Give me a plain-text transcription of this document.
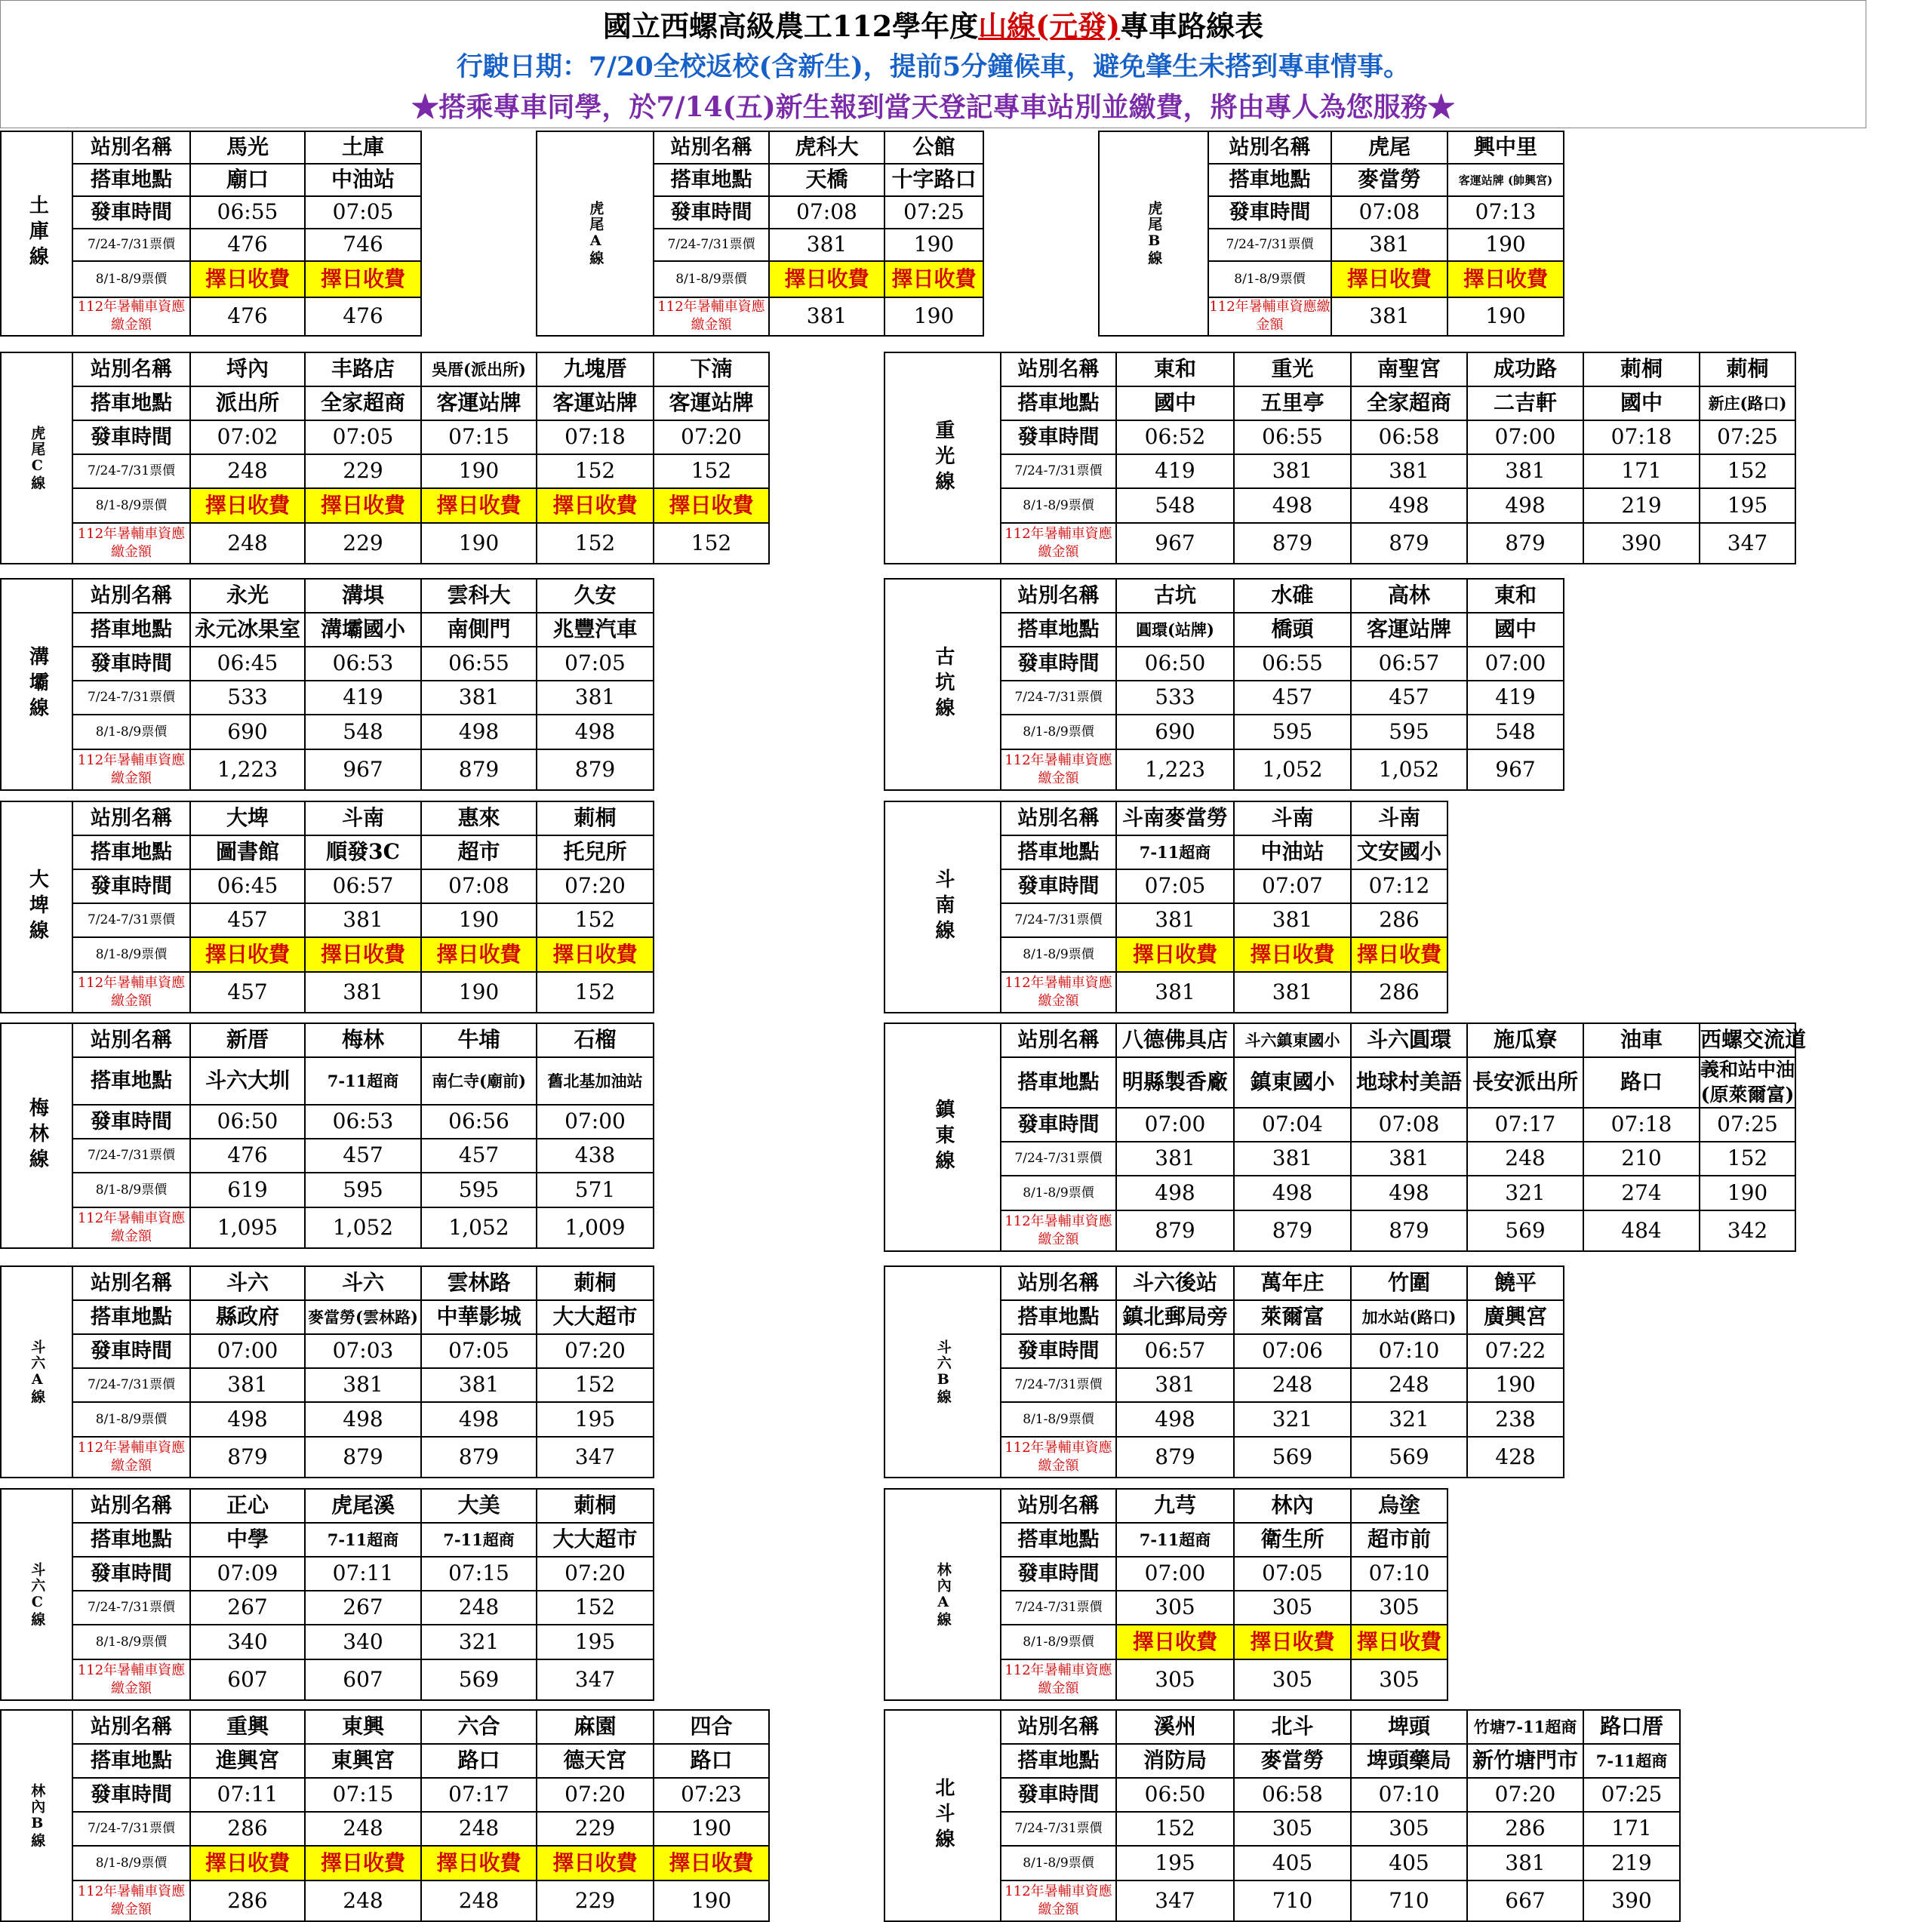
國立西螺高級農工112學年度山線(元發)專車路線表
行駛日期：7/20全校返校(含新生)，提前5分鐘候車，避免肇生未搭到專車情事。
★搭乘專車同學，於7/14(五)新生報到當天登記專車站別並繳費，將由專人為您服務★
土庫線	站別名稱	馬光	土庫
	搭車地點	廟口	中油站
	發車時間	06:55	07:05
	7/24-7/31票價	476	746
	8/1-8/9票價	擇日收費	擇日收費
	112年暑輔車資應繳金額	476	476
虎尾A線	站別名稱	虎科大	公館
	搭車地點	天橋	十字路口
	發車時間	07:08	07:25
	7/24-7/31票價	381	190
	8/1-8/9票價	擇日收費	擇日收費
	112年暑輔車資應繳金額	381	190
虎尾B線	站別名稱	虎尾	興中里
	搭車地點	麥當勞	客運站牌 (帥興宮)
	發車時間	07:08	07:13
	7/24-7/31票價	381	190
	8/1-8/9票價	擇日收費	擇日收費
	112年暑輔車資應繳金額	381	190
虎尾C線	站別名稱	埒內	丰路店	吳厝(派出所)	九塊厝	下湳
	搭車地點	派出所	全家超商	客運站牌	客運站牌	客運站牌
	發車時間	07:02	07:05	07:15	07:18	07:20
	7/24-7/31票價	248	229	190	152	152
	8/1-8/9票價	擇日收費	擇日收費	擇日收費	擇日收費	擇日收費
	112年暑輔車資應繳金額	248	229	190	152	152
重光線	站別名稱	東和	重光	南聖宮	成功路	莿桐	莿桐
	搭車地點	國中	五里亭	全家超商	二吉軒	國中	新庄(路口)
	發車時間	06:52	06:55	06:58	07:00	07:18	07:25
	7/24-7/31票價	419	381	381	381	171	152
	8/1-8/9票價	548	498	498	498	219	195
	112年暑輔車資應繳金額	967	879	879	879	390	347
溝壩線	站別名稱	永光	溝埧	雲科大	久安
	搭車地點	永元冰果室	溝壩國小	南側門	兆豐汽車
	發車時間	06:45	06:53	06:55	07:05
	7/24-7/31票價	533	419	381	381
	8/1-8/9票價	690	548	498	498
	112年暑輔車資應繳金額	1,223	967	879	879
古坑線	站別名稱	古坑	水碓	高林	東和
	搭車地點	圓環(站牌)	橋頭	客運站牌	國中
	發車時間	06:50	06:55	06:57	07:00
	7/24-7/31票價	533	457	457	419
	8/1-8/9票價	690	595	595	548
	112年暑輔車資應繳金額	1,223	1,052	1,052	967
大埤線	站別名稱	大埤	斗南	惠來	莿桐
	搭車地點	圖書館	順發3C	超市	托兒所
	發車時間	06:45	06:57	07:08	07:20
	7/24-7/31票價	457	381	190	152
	8/1-8/9票價	擇日收費	擇日收費	擇日收費	擇日收費
	112年暑輔車資應繳金額	457	381	190	152
斗南線	站別名稱	斗南麥當勞	斗南	斗南
	搭車地點	7-11超商	中油站	文安國小
	發車時間	07:05	07:07	07:12
	7/24-7/31票價	381	381	286
	8/1-8/9票價	擇日收費	擇日收費	擇日收費
	112年暑輔車資應繳金額	381	381	286
梅林線	站別名稱	新厝	梅林	牛埔	石榴
	搭車地點	斗六大圳	7-11超商	南仁寺(廟前)	舊北基加油站
	發車時間	06:50	06:53	06:56	07:00
	7/24-7/31票價	476	457	457	438
	8/1-8/9票價	619	595	595	571
	112年暑輔車資應繳金額	1,095	1,052	1,052	1,009
鎮東線	站別名稱	八德佛具店	斗六鎮東國小	斗六圓環	施瓜寮	油車	西螺交流道
	搭車地點	明縣製香廠	鎮東國小	地球村美語	長安派出所	路口	義和站中油 (原萊爾富)
	發車時間	07:00	07:04	07:08	07:17	07:18	07:25
	7/24-7/31票價	381	381	381	248	210	152
	8/1-8/9票價	498	498	498	321	274	190
	112年暑輔車資應繳金額	879	879	879	569	484	342
斗六A線	站別名稱	斗六	斗六	雲林路	莿桐
	搭車地點	縣政府	麥當勞(雲林路)	中華影城	大大超市
	發車時間	07:00	07:03	07:05	07:20
	7/24-7/31票價	381	381	381	152
	8/1-8/9票價	498	498	498	195
	112年暑輔車資應繳金額	879	879	879	347
斗六B線	站別名稱	斗六後站	萬年庄	竹圍	饒平
	搭車地點	鎮北郵局旁	萊爾富	加水站(路口)	廣興宮
	發車時間	06:57	07:06	07:10	07:22
	7/24-7/31票價	381	248	248	190
	8/1-8/9票價	498	321	321	238
	112年暑輔車資應繳金額	879	569	569	428
斗六C線	站別名稱	正心	虎尾溪	大美	莿桐
	搭車地點	中學	7-11超商	7-11超商	大大超市
	發車時間	07:09	07:11	07:15	07:20
	7/24-7/31票價	267	267	248	152
	8/1-8/9票價	340	340	321	195
	112年暑輔車資應繳金額	607	607	569	347
林內A線	站別名稱	九芎	林內	烏塗
	搭車地點	7-11超商	衛生所	超市前
	發車時間	07:00	07:05	07:10
	7/24-7/31票價	305	305	305
	8/1-8/9票價	擇日收費	擇日收費	擇日收費
	112年暑輔車資應繳金額	305	305	305
林內B線	站別名稱	重興	東興	六合	麻園	四合
	搭車地點	進興宮	東興宮	路口	德天宮	路口
	發車時間	07:11	07:15	07:17	07:20	07:23
	7/24-7/31票價	286	248	248	229	190
	8/1-8/9票價	擇日收費	擇日收費	擇日收費	擇日收費	擇日收費
	112年暑輔車資應繳金額	286	248	248	229	190
北斗線	站別名稱	溪州	北斗	埤頭	竹塘7-11超商	路口厝
	搭車地點	消防局	麥當勞	埤頭藥局	新竹塘門市	7-11超商
	發車時間	06:50	06:58	07:10	07:20	07:25
	7/24-7/31票價	152	305	305	286	171
	8/1-8/9票價	195	405	405	381	219
	112年暑輔車資應繳金額	347	710	710	667	390
